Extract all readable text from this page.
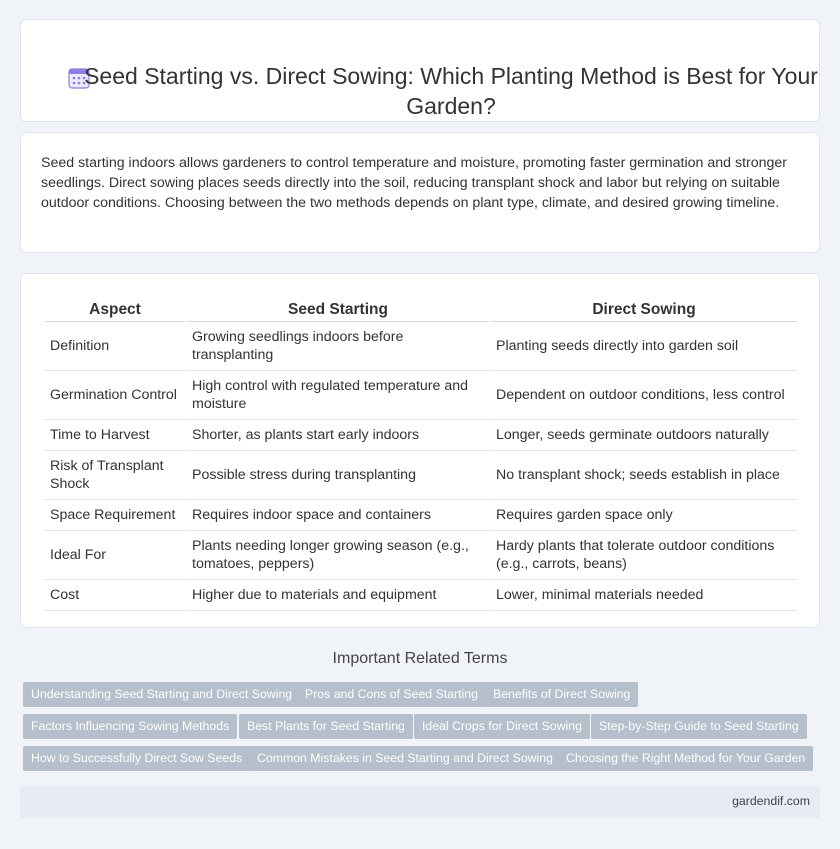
Seed Starting vs. Direct Sowing: Which Planting Method is Best for Your Garden?

Seed starting indoors allows gardeners to control temperature and moisture, promoting faster germination and stronger seedlings. Direct sowing places seeds directly into the soil, reducing transplant shock and labor but relying on suitable outdoor conditions. Choosing between the two methods depends on plant type, climate, and desired growing timeline.

Aspect	Seed Starting	Direct Sowing
Definition	Growing seedlings indoors before transplanting	Planting seeds directly into garden soil
Germination Control	High control with regulated temperature and moisture	Dependent on outdoor conditions, less control
Time to Harvest	Shorter, as plants start early indoors	Longer, seeds germinate outdoors naturally
Risk of Transplant Shock	Possible stress during transplanting	No transplant shock; seeds establish in place
Space Requirement	Requires indoor space and containers	Requires garden space only
Ideal For	Plants needing longer growing season (e.g., tomatoes, peppers)	Hardy plants that tolerate outdoor conditions (e.g., carrots, beans)
Cost	Higher due to materials and equipment	Lower, minimal materials needed
Important Related Terms
Understanding Seed Starting and Direct Sowing	Pros and Cons of Seed Starting	Benefits of Direct Sowing
Factors Influencing Sowing Methods	Best Plants for Seed Starting	Ideal Crops for Direct Sowing	Step-by-Step Guide to Seed Starting
How to Successfully Direct Sow Seeds	Common Mistakes in Seed Starting and Direct Sowing	Choosing the Right Method for Your Garden
gardendif.com
